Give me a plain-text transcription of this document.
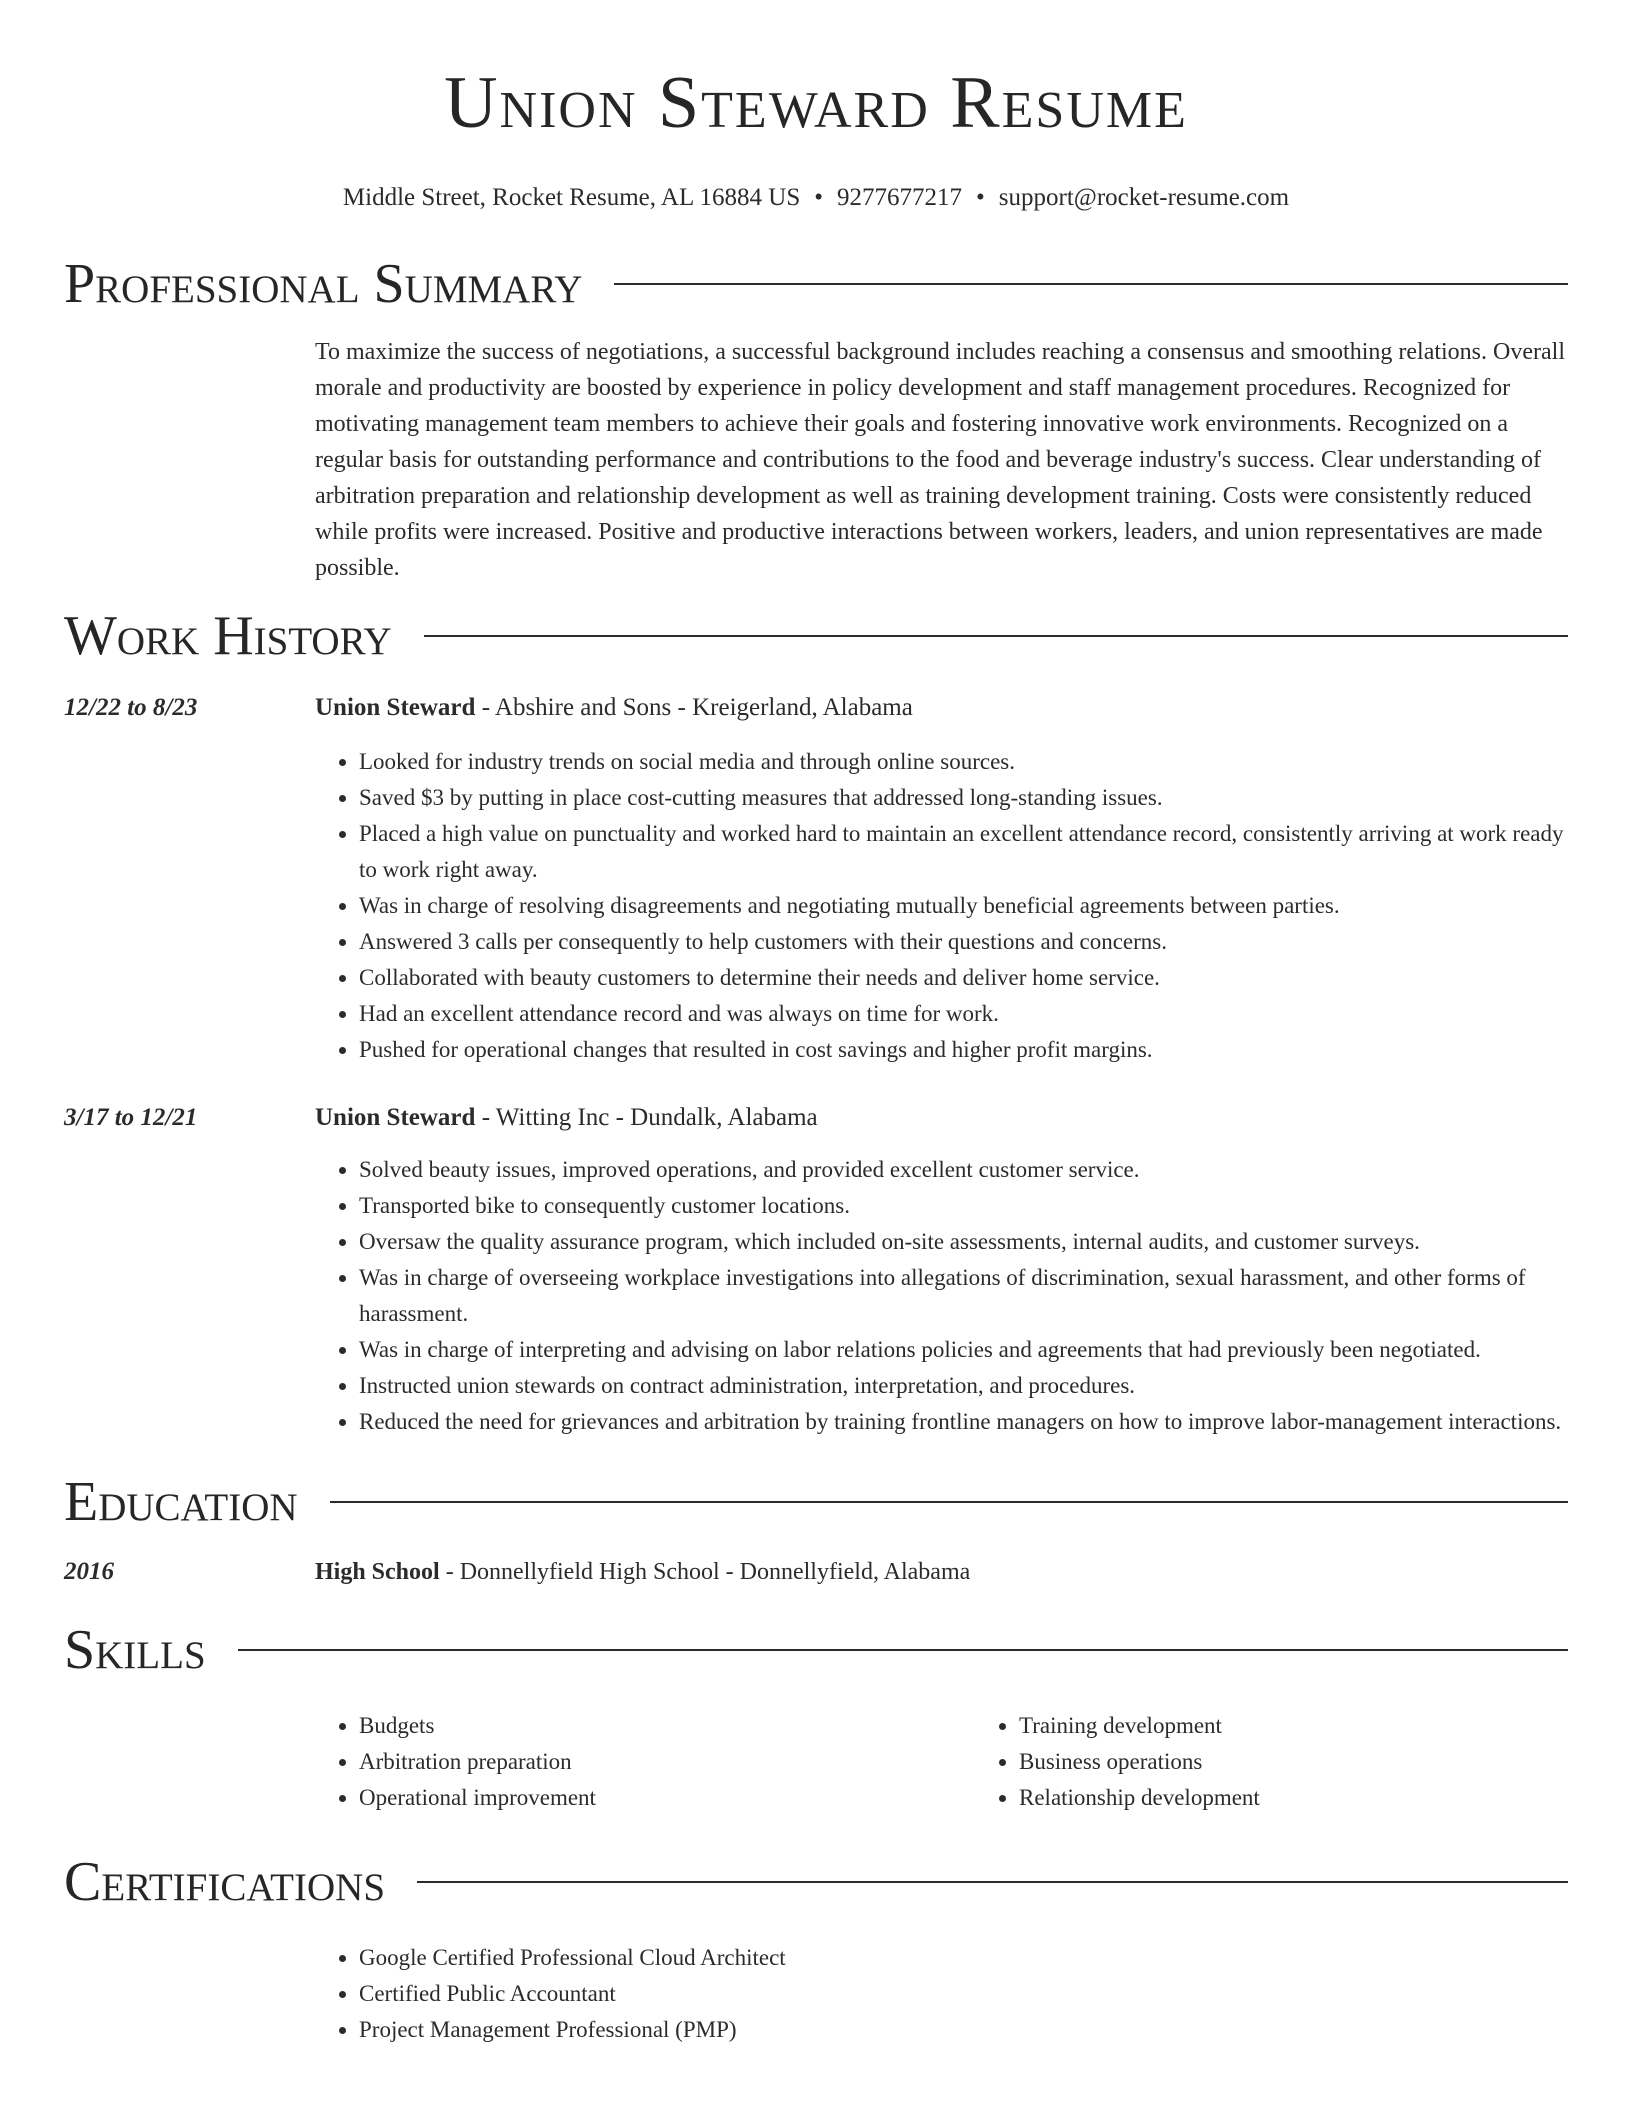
Union Steward Resume
Middle Street, Rocket Resume, AL 16884 US • 9277677217 • support@rocket-resume.com
Professional Summary
To maximize the success of negotiations, a successful background includes reaching a consensus and smoothing relations. Overall morale and productivity are boosted by experience in policy development and staff management procedures. Recognized for motivating management team members to achieve their goals and fostering innovative work environments. Recognized on a regular basis for outstanding performance and contributions to the food and beverage industry's success. Clear understanding of arbitration preparation and relationship development as well as training development training. Costs were consistently reduced while profits were increased. Positive and productive interactions between workers, leaders, and union representatives are made possible.
Work History
12/22 to 8/23	Union Steward - Abshire and Sons - Kreigerland, Alabama
• Looked for industry trends on social media and through online sources.
• Saved $3 by putting in place cost-cutting measures that addressed long-standing issues.
• Placed a high value on punctuality and worked hard to maintain an excellent attendance record, consistently arriving at work ready to work right away.
• Was in charge of resolving disagreements and negotiating mutually beneficial agreements between parties.
• Answered 3 calls per consequently to help customers with their questions and concerns.
• Collaborated with beauty customers to determine their needs and deliver home service.
• Had an excellent attendance record and was always on time for work.
• Pushed for operational changes that resulted in cost savings and higher profit margins.
3/17 to 12/21	Union Steward - Witting Inc - Dundalk, Alabama
• Solved beauty issues, improved operations, and provided excellent customer service.
• Transported bike to consequently customer locations.
• Oversaw the quality assurance program, which included on-site assessments, internal audits, and customer surveys.
• Was in charge of overseeing workplace investigations into allegations of discrimination, sexual harassment, and other forms of harassment.
• Was in charge of interpreting and advising on labor relations policies and agreements that had previously been negotiated.
• Instructed union stewards on contract administration, interpretation, and procedures.
• Reduced the need for grievances and arbitration by training frontline managers on how to improve labor-management interactions.
Education
2016	High School - Donnellyfield High School - Donnellyfield, Alabama
Skills
• Budgets
• Arbitration preparation
• Operational improvement
• Training development
• Business operations
• Relationship development
Certifications
• Google Certified Professional Cloud Architect
• Certified Public Accountant
• Project Management Professional (PMP)
